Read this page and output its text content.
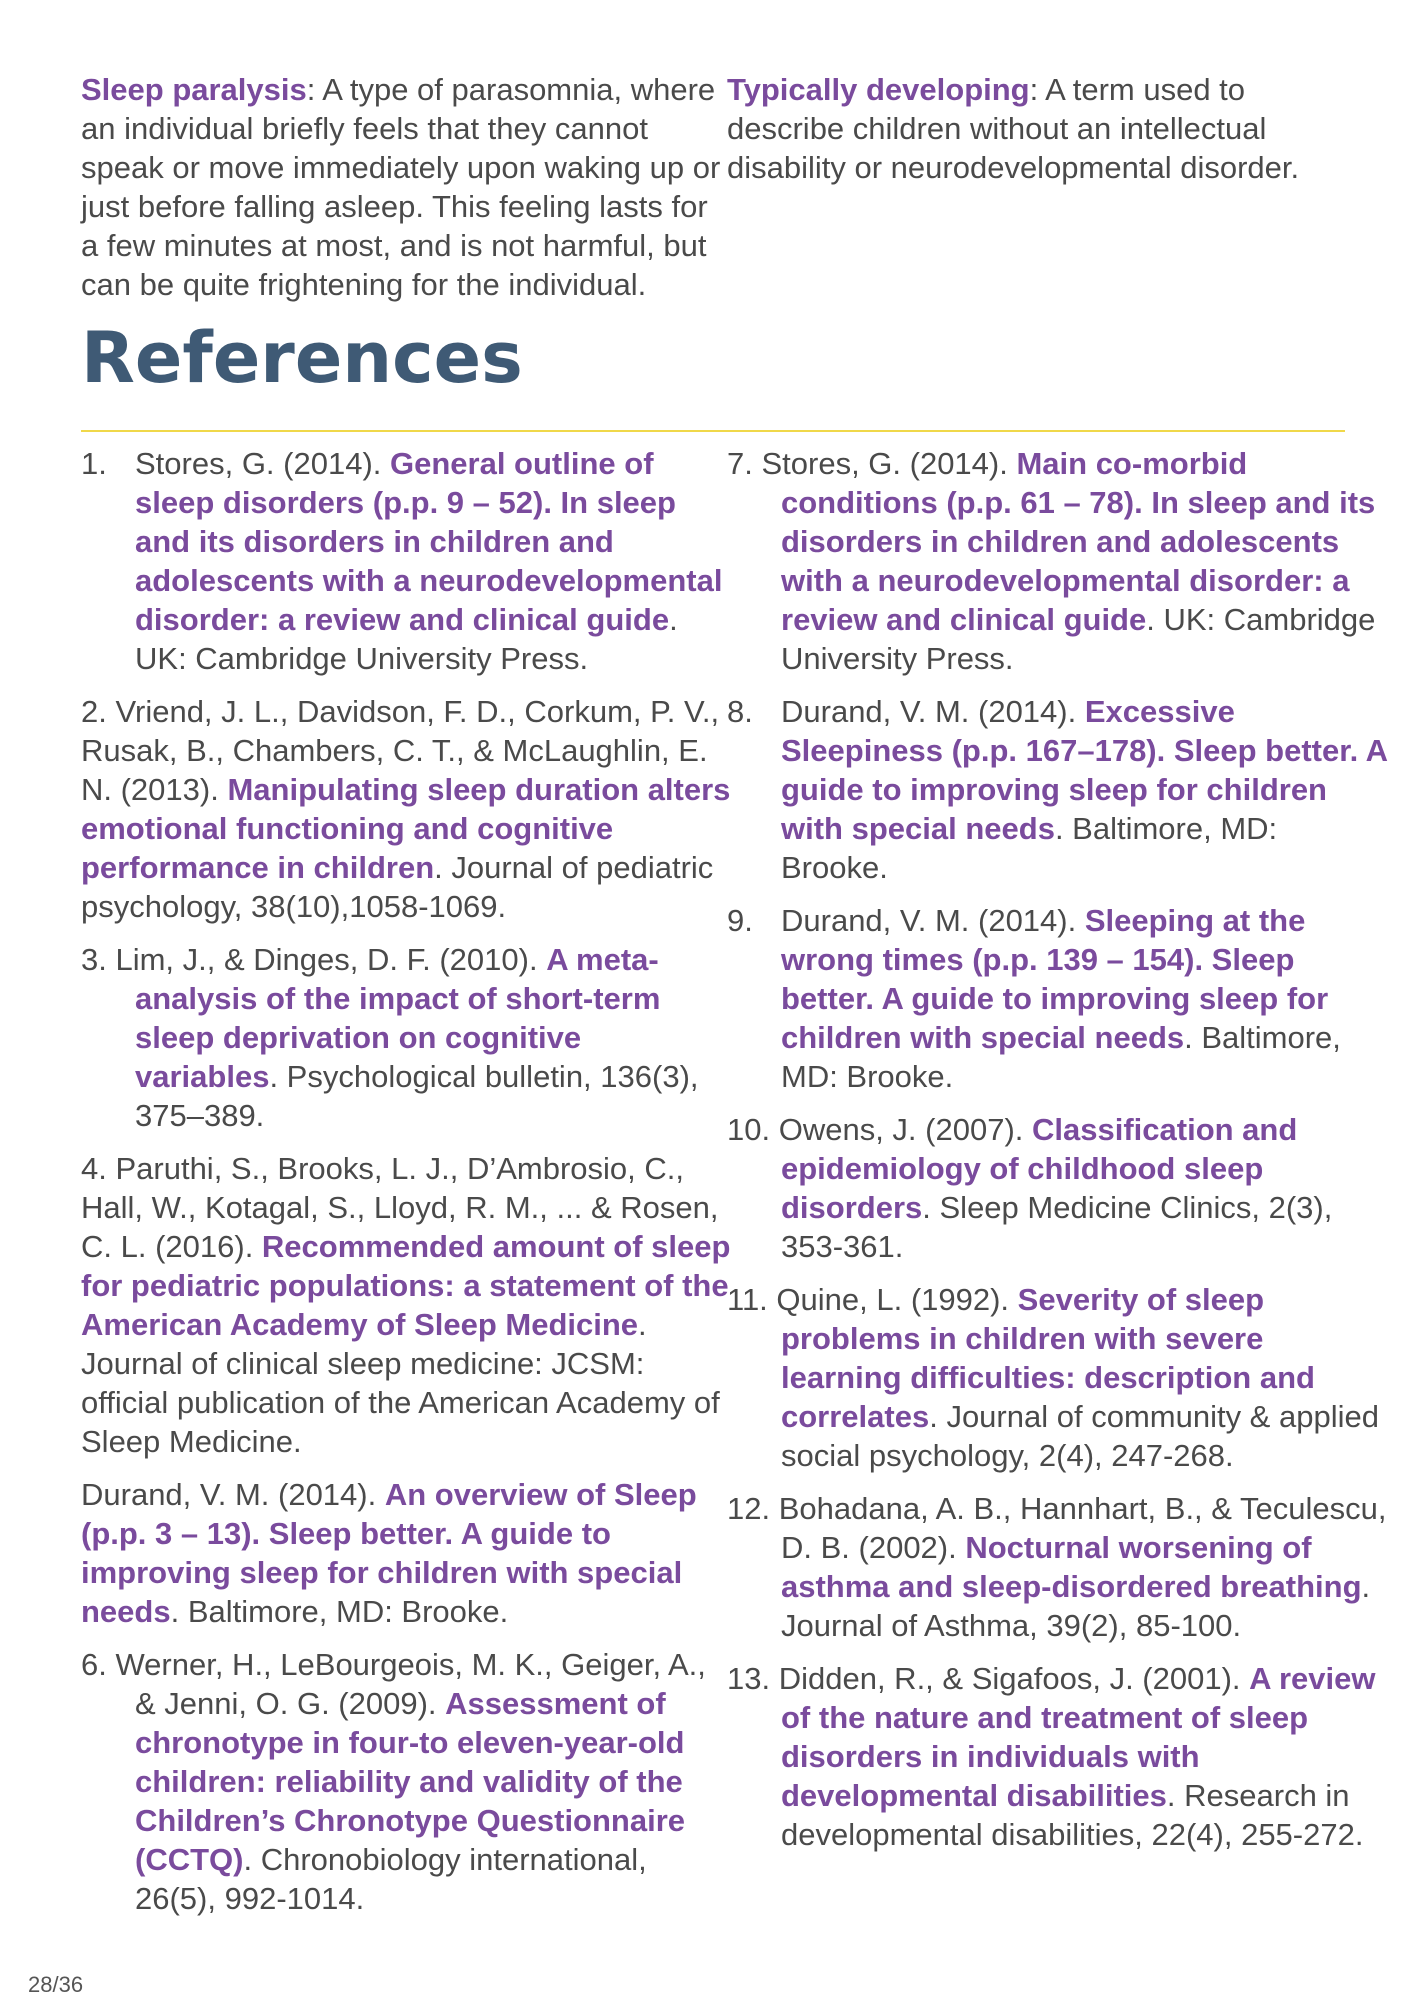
Sleep paralysis: A type of parasomnia, where an individual briefly feels that they cannot speak or move immediately upon waking up or just before falling asleep. This feeling lasts for a few minutes at most, and is not harmful, but can be quite frightening for the individual.

Typically developing: A term used to describe children without an intellectual disability or neurodevelopmental disorder.

References

1. Stores, G. (2014). General outline of sleep disorders (p.p. 9 – 52). In sleep and its disorders in children and adolescents with a neurodevelopmental disorder: a review and clinical guide. UK: Cambridge University Press.

2. Vriend, J. L., Davidson, F. D., Corkum, P. V., Rusak, B., Chambers, C. T., & McLaughlin, E. N. (2013). Manipulating sleep duration alters emotional functioning and cognitive performance in children. Journal of pediatric psychology, 38(10),1058-1069.

3. Lim, J., & Dinges, D. F. (2010). A meta-analysis of the impact of short-term sleep deprivation on cognitive variables. Psychological bulletin, 136(3), 375–389.

4. Paruthi, S., Brooks, L. J., D’Ambrosio, C., Hall, W., Kotagal, S., Lloyd, R. M., ... & Rosen, C. L. (2016). Recommended amount of sleep for pediatric populations: a statement of the American Academy of Sleep Medicine. Journal of clinical sleep medicine: JCSM: official publication of the American Academy of Sleep Medicine.

Durand, V. M. (2014). An overview of Sleep (p.p. 3 – 13). Sleep better. A guide to improving sleep for children with special needs. Baltimore, MD: Brooke.

6. Werner, H., LeBourgeois, M. K., Geiger, A., & Jenni, O. G. (2009). Assessment of chronotype in four-to eleven-year-old children: reliability and validity of the Children’s Chronotype Questionnaire (CCTQ). Chronobiology international, 26(5), 992-1014.

7. Stores, G. (2014). Main co-morbid conditions (p.p. 61 – 78). In sleep and its disorders in children and adolescents with a neurodevelopmental disorder: a review and clinical guide. UK: Cambridge University Press.

8. Durand, V. M. (2014). Excessive Sleepiness (p.p. 167–178). Sleep better. A guide to improving sleep for children with special needs. Baltimore, MD: Brooke.

9. Durand, V. M. (2014). Sleeping at the wrong times (p.p. 139 – 154). Sleep better. A guide to improving sleep for children with special needs. Baltimore, MD: Brooke.

10. Owens, J. (2007). Classification and epidemiology of childhood sleep disorders. Sleep Medicine Clinics, 2(3), 353-361.

11. Quine, L. (1992). Severity of sleep problems in children with severe learning difficulties: description and correlates. Journal of community & applied social psychology, 2(4), 247-268.

12. Bohadana, A. B., Hannhart, B., & Teculescu, D. B. (2002). Nocturnal worsening of asthma and sleep-disordered breathing. Journal of Asthma, 39(2), 85-100.

13. Didden, R., & Sigafoos, J. (2001). A review of the nature and treatment of sleep disorders in individuals with developmental disabilities. Research in developmental disabilities, 22(4), 255-272.

28/36
